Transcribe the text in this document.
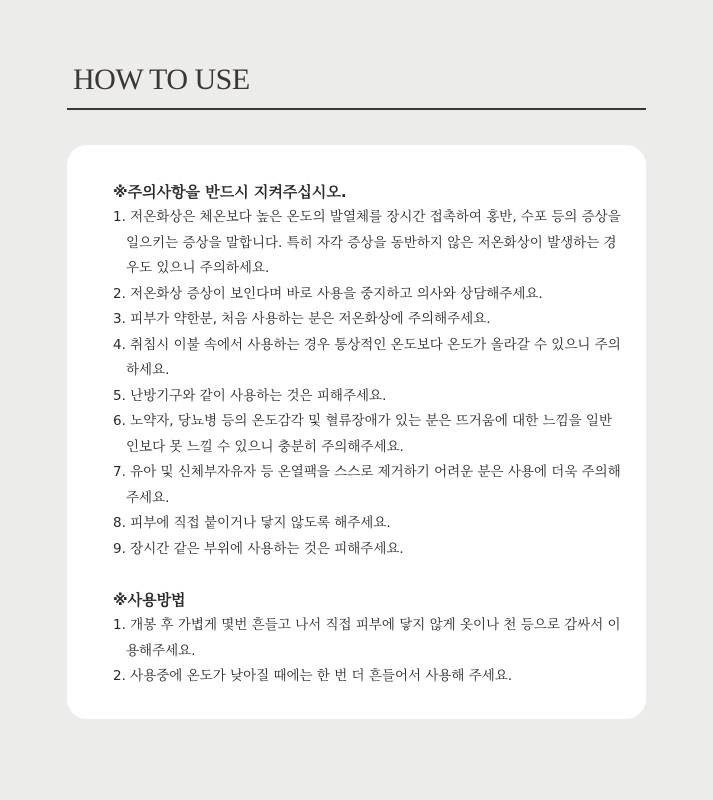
HOW TO USE
※주의사항을 반드시 지켜주십시오.
1. 저온화상은 체온보다 높은 온도의 발열체를 장시간 접촉하여 홍반, 수포 등의 증상을 일으키는 증상을 말합니다. 특히 자각 증상을 동반하지 않은 저온화상이 발생하는 경우도 있으니 주의하세요.
2. 저온화상 증상이 보인다며 바로 사용을 중지하고 의사와 상담해주세요.
3. 피부가 약한분, 처음 사용하는 분은 저온화상에 주의해주세요.
4. 취침시 이불 속에서 사용하는 경우 통상적인 온도보다 온도가 올라갈 수 있으니 주의하세요.
5. 난방기구와 같이 사용하는 것은 피해주세요.
6. 노약자, 당뇨병 등의 온도감각 및 혈류장애가 있는 분은 뜨거움에 대한 느낌을 일반인보다 못 느낄 수 있으니 충분히 주의해주세요.
7. 유아 및 신체부자유자 등 온열팩을 스스로 제거하기 어려운 분은 사용에 더욱 주의해주세요.
8. 피부에 직접 붙이거나 닿지 않도록 해주세요.
9. 장시간 같은 부위에 사용하는 것은 피해주세요.
※사용방법
1. 개봉 후 가볍게 몇번 흔들고 나서 직접 피부에 닿지 않게 옷이나 천 등으로 감싸서 이용해주세요.
2. 사용중에 온도가 낮아질 때에는 한 번 더 흔들어서 사용해 주세요.
